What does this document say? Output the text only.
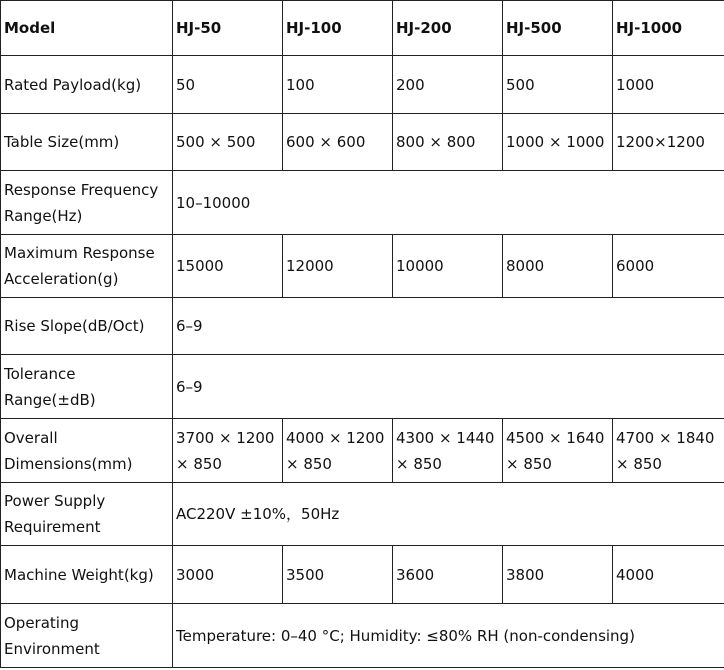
Model	HJ-50	HJ-100	HJ-200	HJ-500	HJ-1000
Rated Payload(kg)	50	100	200	500	1000
Table Size(mm)	500 × 500	600 × 600	800 × 800	1000 × 1000	1200×1200
Response Frequency Range(Hz)	10–10000				
Maximum Response Acceleration(g)	15000	12000	10000	8000	6000
Rise Slope(dB/Oct)	6–9				
Tolerance Range(±dB)	6–9				
Overall Dimensions(mm)	3700 × 1200 × 850	4000 × 1200 × 850	4300 × 1440 × 850	4500 × 1640 × 850	4700 × 1840 × 850
Power Supply Requirement	AC220V ±10%，50Hz				
Machine Weight(kg)	3000	3500	3600	3800	4000
Operating Environment	Temperature: 0–40 °C; Humidity: ≤80% RH (non-condensing)				
